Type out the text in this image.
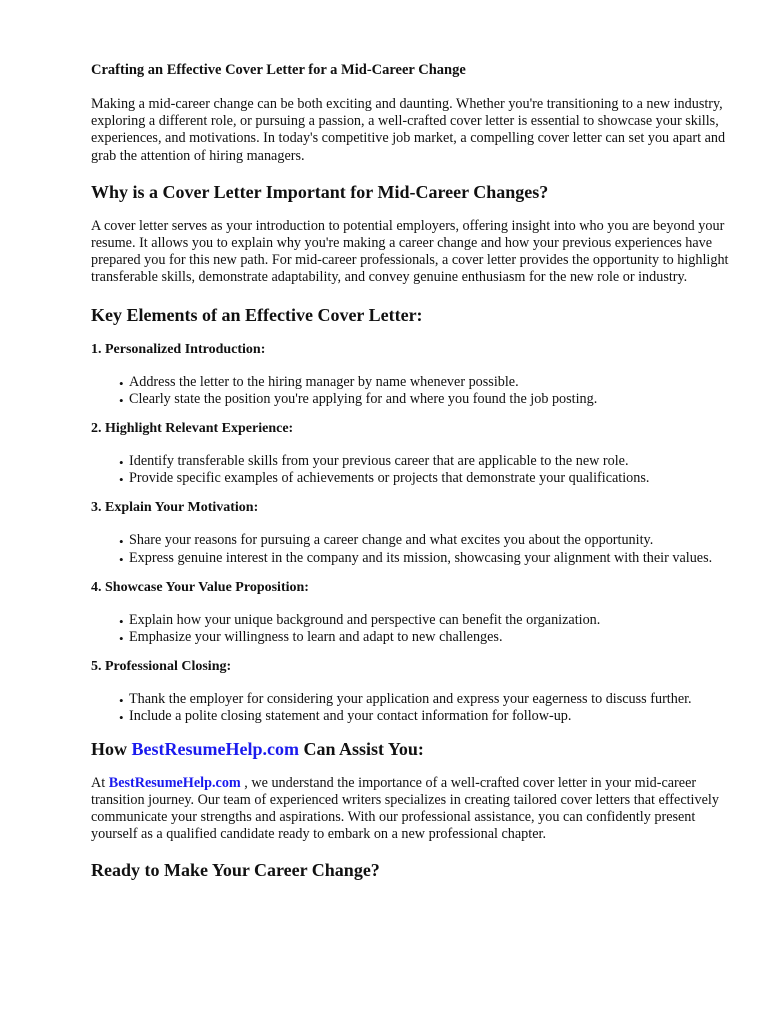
Crafting an Effective Cover Letter for a Mid-Career Change

Making a mid-career change can be both exciting and daunting. Whether you're transitioning to a new industry, exploring a different role, or pursuing a passion, a well-crafted cover letter is essential to showcase your skills, experiences, and motivations. In today's competitive job market, a compelling cover letter can set you apart and grab the attention of hiring managers.

Why is a Cover Letter Important for Mid-Career Changes?

A cover letter serves as your introduction to potential employers, offering insight into who you are beyond your resume. It allows you to explain why you're making a career change and how your previous experiences have prepared you for this new path. For mid-career professionals, a cover letter provides the opportunity to highlight transferable skills, demonstrate adaptability, and convey genuine enthusiasm for the new role or industry.

Key Elements of an Effective Cover Letter:
1. Personalized Introduction:
• Address the letter to the hiring manager by name whenever possible.
• Clearly state the position you're applying for and where you found the job posting.
2. Highlight Relevant Experience:
• Identify transferable skills from your previous career that are applicable to the new role.
• Provide specific examples of achievements or projects that demonstrate your qualifications.
3. Explain Your Motivation:
• Share your reasons for pursuing a career change and what excites you about the opportunity.
• Express genuine interest in the company and its mission, showcasing your alignment with their values.
4. Showcase Your Value Proposition:
• Explain how your unique background and perspective can benefit the organization.
• Emphasize your willingness to learn and adapt to new challenges.
5. Professional Closing:
• Thank the employer for considering your application and express your eagerness to discuss further.
• Include a polite closing statement and your contact information for follow-up.
How BestResumeHelp.com Can Assist You:

At BestResumeHelp.com , we understand the importance of a well-crafted cover letter in your mid-career transition journey. Our team of experienced writers specializes in creating tailored cover letters that effectively communicate your strengths and aspirations. With our professional assistance, you can confidently present yourself as a qualified candidate ready to embark on a new professional chapter.

Ready to Make Your Career Change?
